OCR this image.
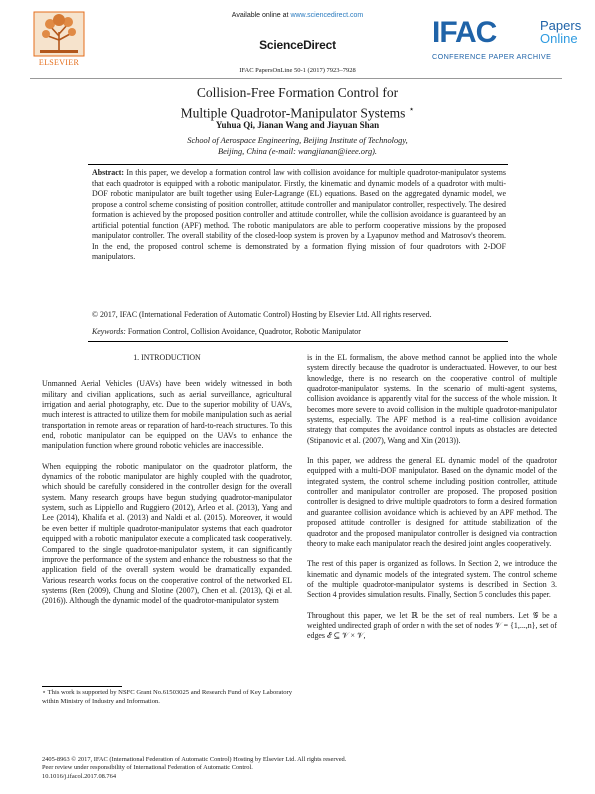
ELSEVIER
Available online at www.sciencedirect.com
ScienceDirect	IFAC	Papers
Online
CONFERENCE PAPER ARCHIVE
IFAC PapersOnLine 50-1 (2017) 7923–7928
Collision-Free Formation Control for
Multiple Quadrotor-Manipulator Systems ⋆
Yuhua Qi, Jianan Wang and Jiayuan Shan
School of Aerospace Engineering, Beijing Institute of Technology,
Beijing, China (e-mail: wangjianan@ieee.org).
Abstract: In this paper, we develop a formation control law with collision avoidance for multiple quadrotor-manipulator systems that each quadrotor is equipped with a robotic manipulator. Firstly, the kinematic and dynamic models of a quadrotor with multi-DOF robotic manipulator are built together using Euler-Lagrange (EL) equations. Based on the aggregated dynamic model, we propose a control scheme consisting of position controller, attitude controller and manipulator controller, respectively. The desired formation is achieved by the proposed position controller and attitude controller, while the collision avoidance is guaranteed by an artificial potential function (APF) method. The robotic manipulators are able to perform cooperative missions by the proposed manipulator controller. The overall stability of the closed-loop system is proven by a Lyapunov method and Matrosov's theorem. In the end, the proposed control scheme is demonstrated by a formation flying mission of four quadrotors with 2-DOF manipulators.
© 2017, IFAC (International Federation of Automatic Control) Hosting by Elsevier Ltd. All rights reserved.
Keywords: Formation Control, Collision Avoidance, Quadrotor, Robotic Manipulator
1. INTRODUCTION

Unmanned Aerial Vehicles (UAVs) have been widely witnessed in both military and civilian applications, such as aerial surveillance, agricultural irrigation and aerial photography, etc. Due to the superior mobility of UAVs, much interest is attracted to utilize them for mobile manipulation such as aerial transportation in remote areas or reparation of hard-to-reach structures. To this end, robotic manipulator can be equipped on the UAVs to enhance the manipulation function where ground robotic vehicles are inaccessible.

When equipping the robotic manipulator on the quadrotor platform, the dynamics of the robotic manipulator are highly coupled with the quadrotor, which should be carefully considered in the controller design for the overall system. Many research groups have begun studying quadrotor-manipulator system, such as Lippiello and Ruggiero (2012), Arleo et al. (2013), Yang and Lee (2014), Khalifa et al. (2013) and Naldi et al. (2015). Moreover, it would be even better if multiple quadrotor-manipulator systems that each quadrotor equipped with a robotic manipulator execute a complicated task cooperatively. Compared to the single quadrotor-manipulator system, it can significantly improve the performance of the system and enhance the robustness so that the application field of the overall system would be dramatically expanded. Various research works focus on the cooperative control of the networked EL systems (Ren (2009), Chung and Slotine (2007), Chen et al. (2013), Qi et al. (2016)). Although the dynamic model of the quadrotor-manipulator system

is in the EL formalism, the above method cannot be applied into the whole system directly because the quadrotor is underactuated. However, to our best knowledge, there is no research on the cooperative control of multiple quadrotor-manipulator systems. In the scenario of multi-agent systems, collision avoidance is apparently vital for the success of the whole mission. It becomes more severe to avoid collision in the multiple quadrotor-manipulator systems, especially. The APF method is a real-time collision avoidance strategy that computes the avoidance control inputs as obstacles are detected (Stipanovic et al. (2007), Wang and Xin (2013)).

In this paper, we address the general EL dynamic model of the quadrotor equipped with a multi-DOF manipulator. Based on the dynamic model of the integrated system, the control scheme including position controller, attitude controller and manipulator controller are proposed. The proposed position controller is designed to drive multiple quadrotors to form a desired formation and guarantee collision avoidance which is achieved by an APF method. The proposed attitude controller is designed for attitude stabilization of the quadrotor and the proposed manipulator controller is designed via contraction theory to make each manipulator reach the desired joint angles cooperatively.

The rest of this paper is organized as follows. In Section 2, we introduce the kinematic and dynamic models of the integrated system. The control scheme of the multiple quadrotor-manipulator systems is described in Section 3. Section 4 provides simulation results. Finally, Section 5 concludes this paper.

Throughout this paper, we let ℝ be the set of real numbers. Let 𝒢 be a weighted undirected graph of order n with the set of nodes 𝒱 = {1,...,n}, set of edges ℰ ⊆ 𝒱 × 𝒱,

⋆ This work is supported by NSFC Grant No.61503025 and Research Fund of Key Laboratory within Ministry of Industry and Information.
2405-8963 © 2017, IFAC (International Federation of Automatic Control) Hosting by Elsevier Ltd. All rights reserved.
Peer review under responsibility of International Federation of Automatic Control.
10.1016/j.ifacol.2017.08.764
